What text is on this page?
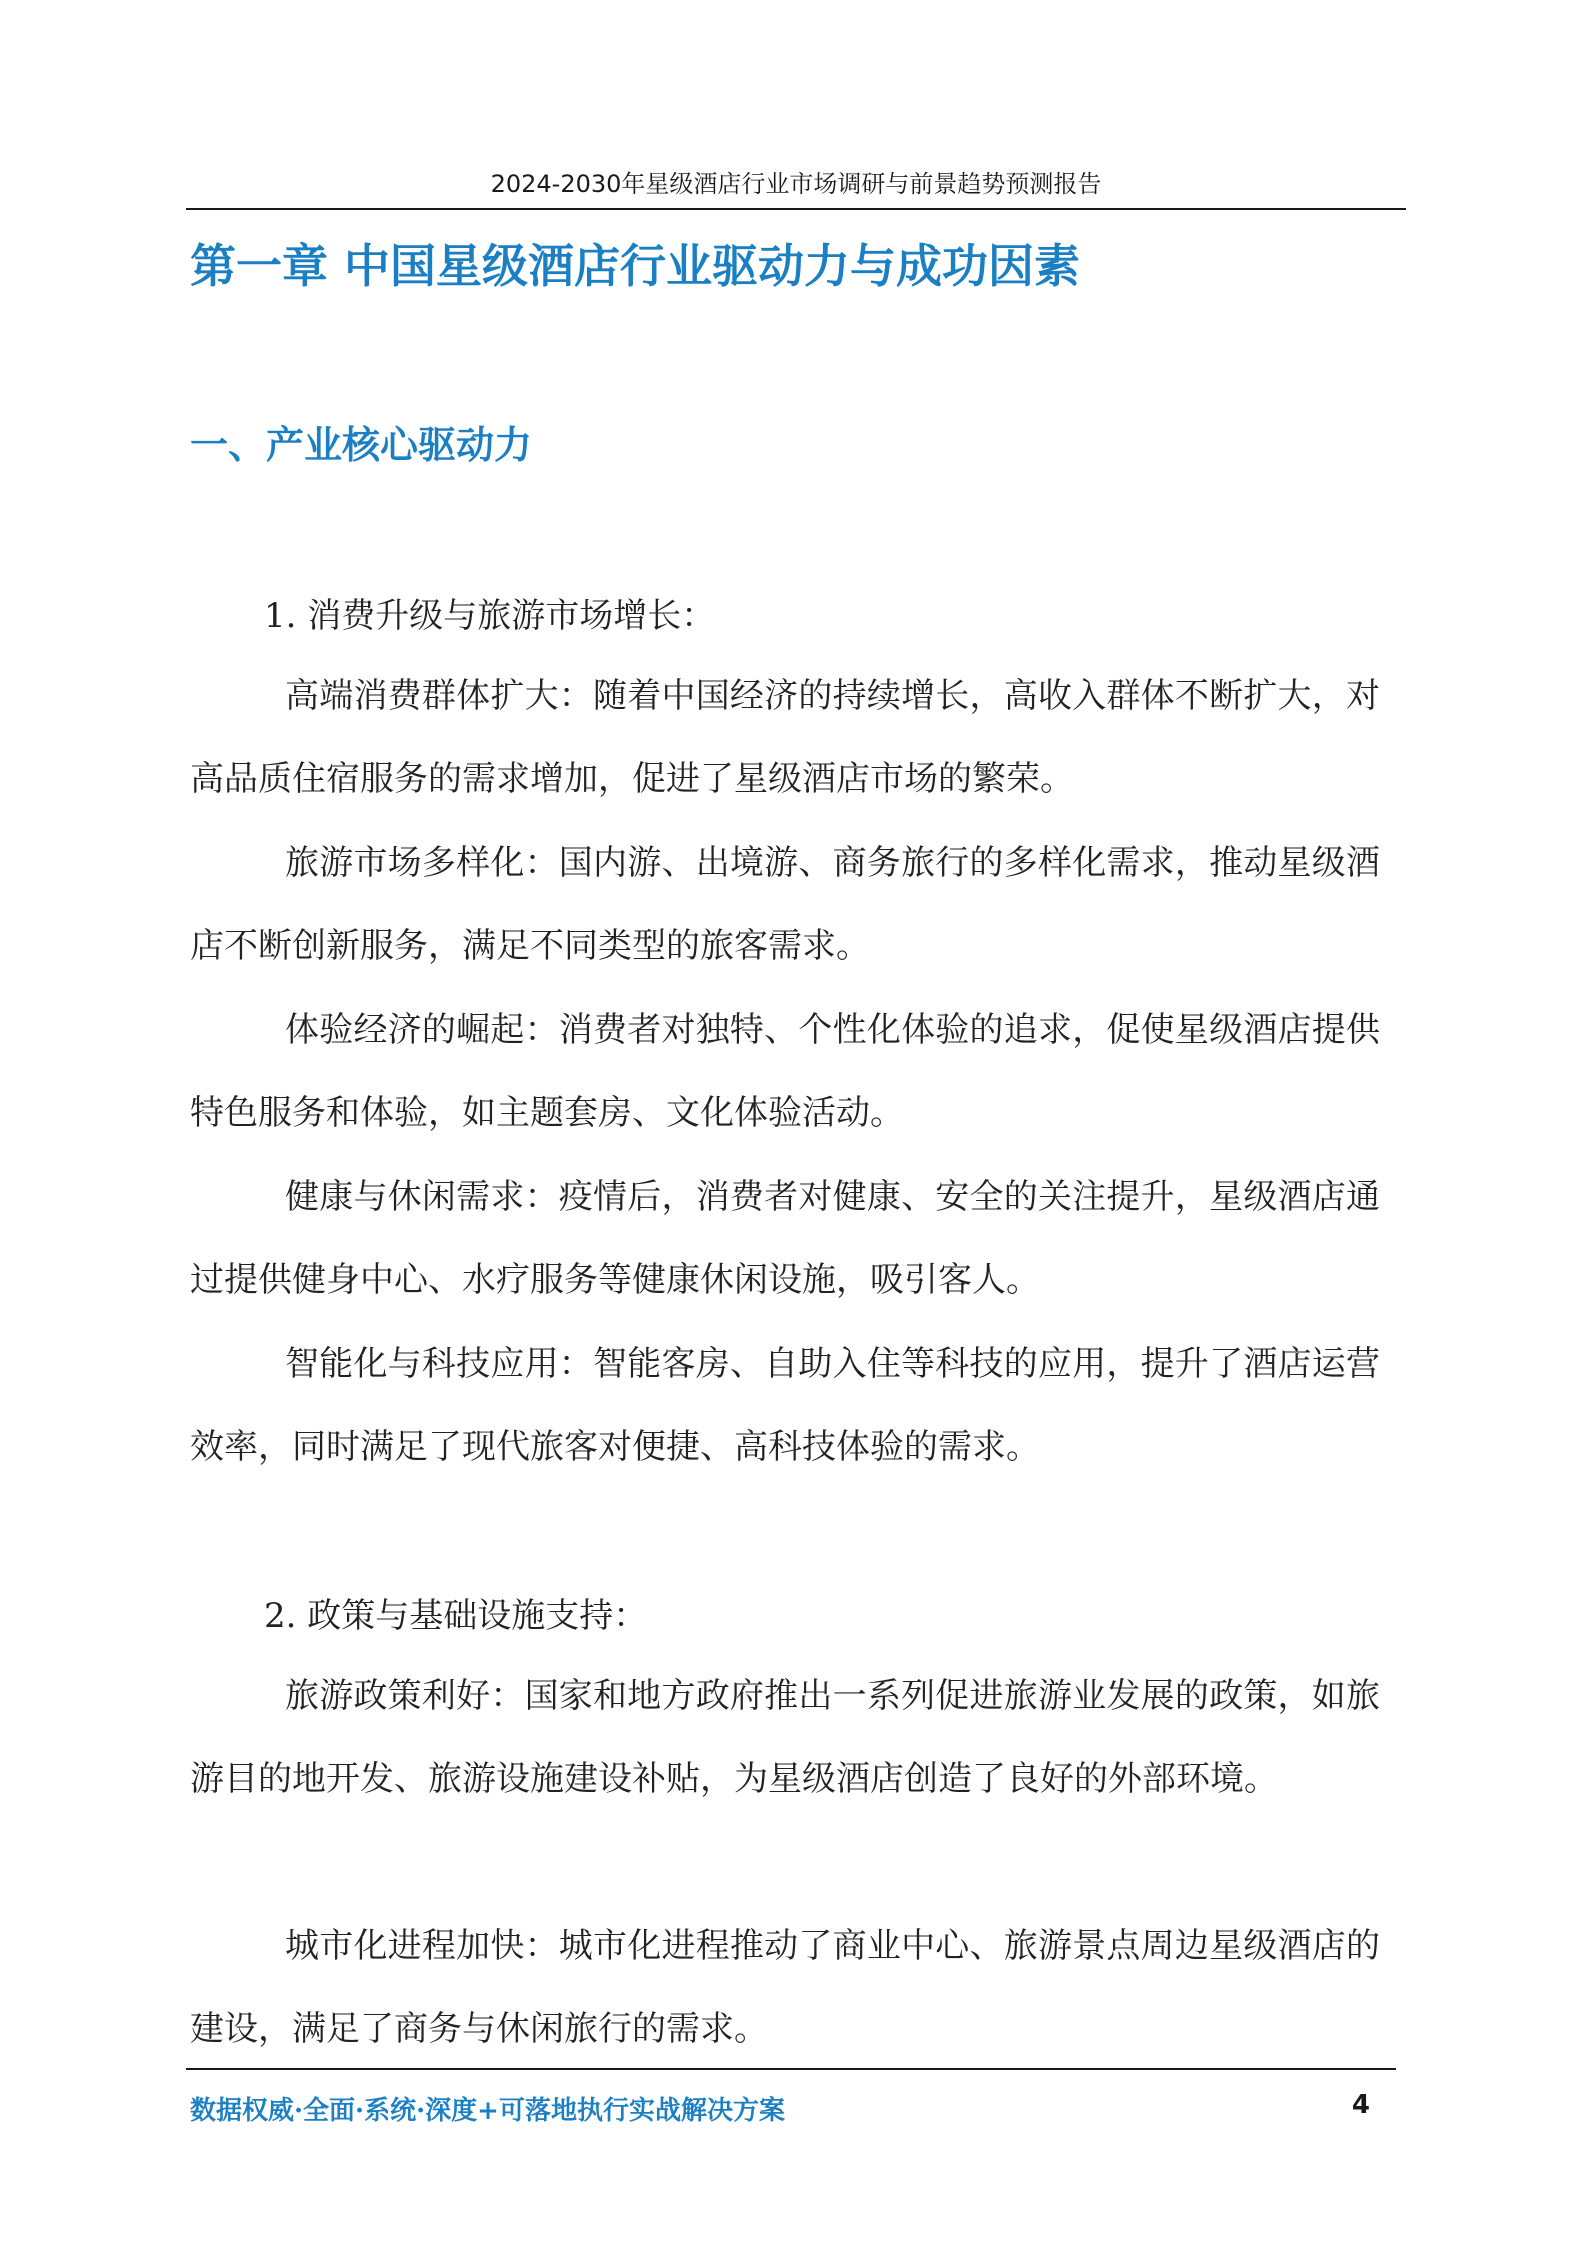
2024-2030年星级酒店行业市场调研与前景趋势预测报告
第一章 中国星级酒店行业驱动力与成功因素
一、产业核心驱动力
1. 消费升级与旅游市场增长：

高端消费群体扩大：随着中国经济的持续增长，高收入群体不断扩大，对高品质住宿服务的需求增加，促进了星级酒店市场的繁荣。

旅游市场多样化：国内游、出境游、商务旅行的多样化需求，推动星级酒店不断创新服务，满足不同类型的旅客需求。

体验经济的崛起：消费者对独特、个性化体验的追求，促使星级酒店提供特色服务和体验，如主题套房、文化体验活动。

健康与休闲需求：疫情后，消费者对健康、安全的关注提升，星级酒店通过提供健身中心、水疗服务等健康休闲设施，吸引客人。

智能化与科技应用：智能客房、自助入住等科技的应用，提升了酒店运营效率，同时满足了现代旅客对便捷、高科技体验的需求。

2. 政策与基础设施支持：

旅游政策利好：国家和地方政府推出一系列促进旅游业发展的政策，如旅游目的地开发、旅游设施建设补贴，为星级酒店创造了良好的外部环境。

城市化进程加快：城市化进程推动了商业中心、旅游景点周边星级酒店的建设，满足了商务与休闲旅行的需求。

数据权威·全面·系统·深度+可落地执行实战解决方案	4
